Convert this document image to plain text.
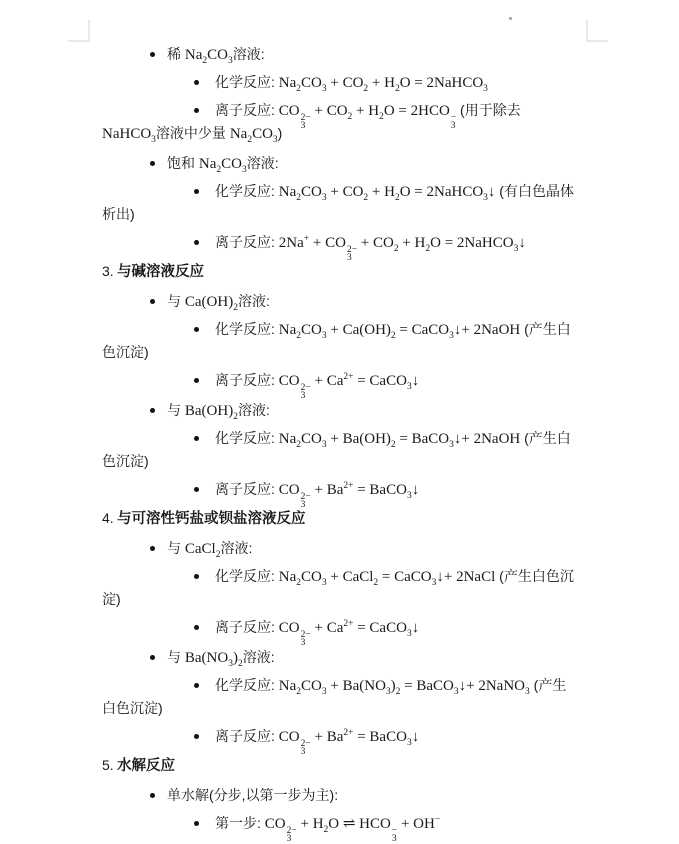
稀 $Na_2CO_3$溶液:
化学反应: $Na_2CO_3 + CO_2 + H_2O$ = 2NaHCO$_3$
离子反应: CO 2−
3
+ $CO_2 + H_2O = 2HCO$ −
3
(用于除去
NaHCO$_3$溶液中少量 $Na_2CO_3$)
饱和 $Na_2CO_3$溶液:
化学反应: $Na_2CO_3 + CO_2 + H_2O$ = 2NaHCO$_3$↓ (有白色晶体
析出)
离子反应: 2Na+ + CO 2−
3
+ $CO_2 + H_2O$ = 2NaHCO$_3$↓
3. 与碱溶液反应
与 $Ca(OH)_2$溶液:
化学反应: $Na_2CO_3 + Ca(OH)_2$ = CaCO$_3$↓+ 2NaOH (产生白
色沉淀)
离子反应: CO 2−
3
+ $Ca^{2+}$ = CaCO$_3$↓
与 $Ba(OH)_2$溶液:
化学反应: $Na_2CO_3 + Ba(OH)_2$ = BaCO$_3$↓+ 2NaOH (产生白
色沉淀)
离子反应: CO 2−
3
+ $Ba^{2+}$ = BaCO$_3$↓
4. 与可溶性钙盐或钡盐溶液反应
与 CaCl$_2$溶液:
化学反应: $Na_2CO_3$ + CaCl$_2$ = CaCO$_3$↓+ 2NaCl (产生白色沉
淀)
离子反应: CO 2−
3
+ $Ca^{2+}$ = CaCO$_3$↓
与 $Ba(NO_3)_2$溶液:
化学反应: $Na_2CO_3 + Ba(NO_3)_2$ = BaCO$_3$↓+ 2NaNO$_3$ (产生
白色沉淀)
离子反应: CO 2−
3
+ $Ba^{2+}$ = BaCO$_3$↓
5. 水解反应
单水解(分步,以第一步为主):
第一步: CO 2−
3
+ $H_2O$ ⇌ HCO −
3
+ OH−
